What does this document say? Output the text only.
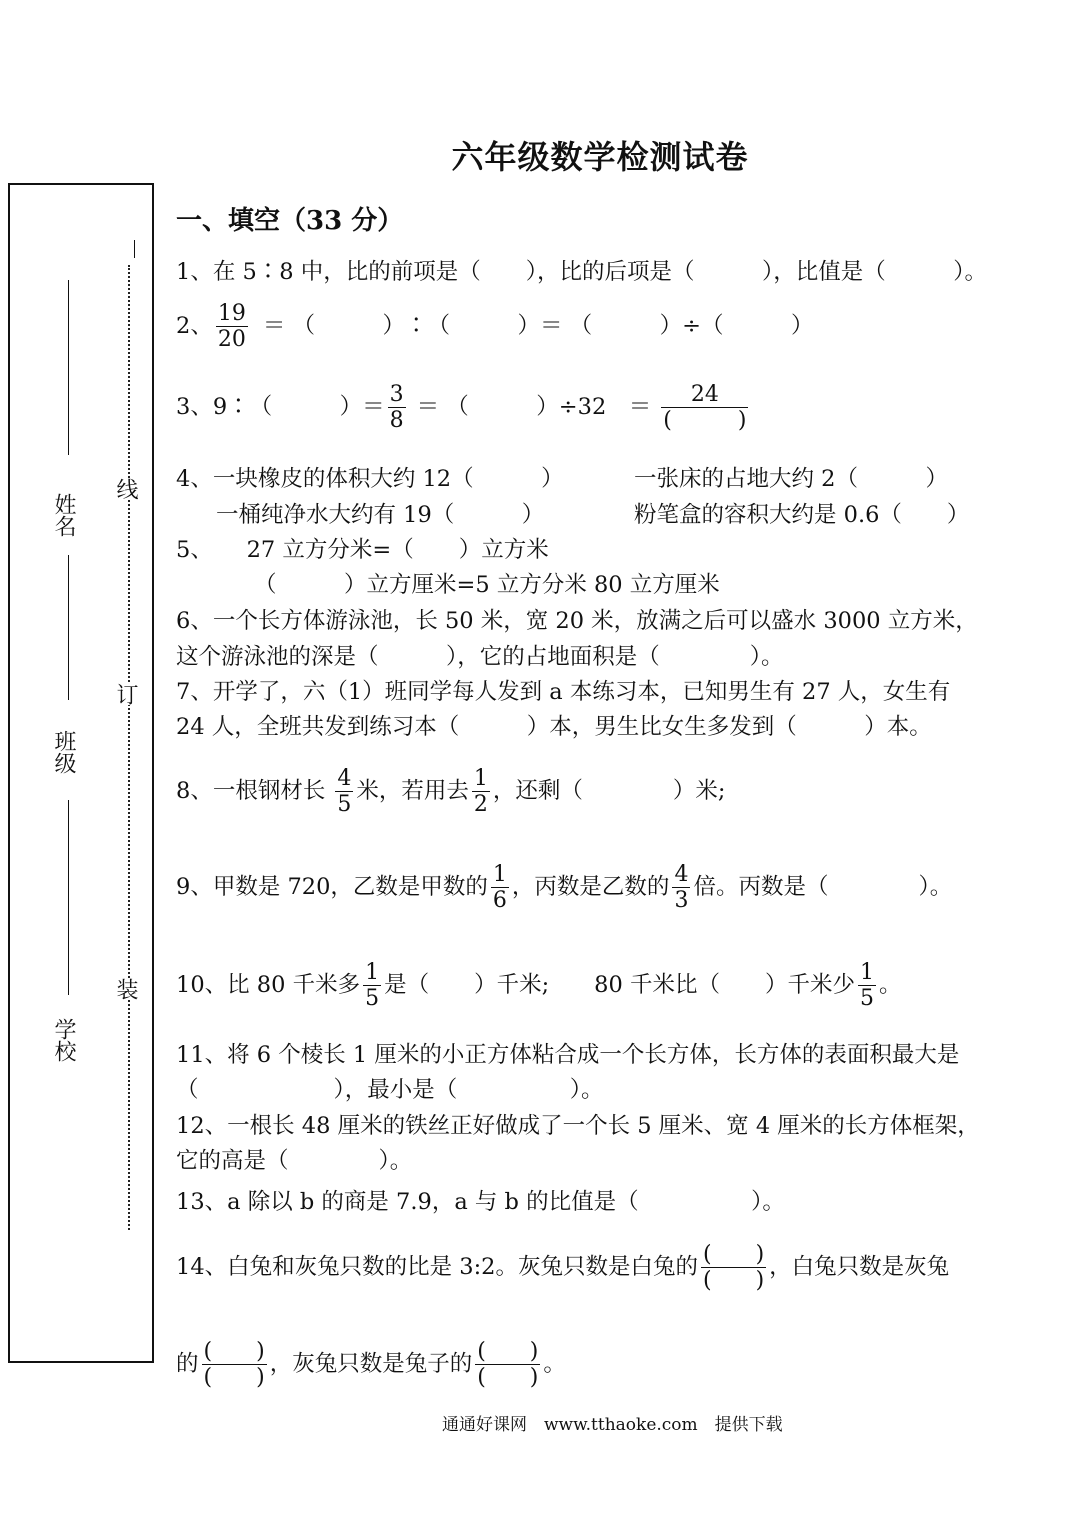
六年级数学检测试卷
姓名
班级
学校
线
订
装
一、填空（33 分）
1、在 5∶8 中，比的前项是（　　），比的后项是（　　　），比值是（　　　）。
2、 $\frac{19}{20}$ ＝ （　　　）∶（　　　）＝ （　　　）÷（　　　）
3、9∶（　　　）＝ $\frac{3}{8}$ ＝ （　　　）÷32　＝ $\frac{24}{( )}$
4、一块橡皮的体积大约 12（　　　）	一张床的占地大约 2（　　　）
一桶纯净水大约有 19（　　　）	粉笔盒的容积大约是 0.6（　　）
5、　　27 立方分米=（　　）立方米
（　　　）立方厘米=5 立方分米 80 立方厘米
6、一个长方体游泳池，长 50 米，宽 20 米，放满之后可以盛水 3000 立方米，
这个游泳池的深是（　　　），它的占地面积是（　　　　）。
7、开学了，六（1）班同学每人发到 a 本练习本，已知男生有 27 人，女生有
24 人，全班共发到练习本（　　　）本，男生比女生多发到（　　　）本。
8、一根钢材长 $\frac{4}{5}$ 米，若用去 $\frac{1}{2}$ ，还剩（　　　　）米;
9、甲数是 720，乙数是甲数的 $\frac{1}{6}$ ，丙数是乙数的 $\frac{4}{3}$ 倍。丙数是（　　　　）。
10、比 80 千米多 $\frac{1}{5}$ 是（　　）千米;　　80 千米比（　　）千米少 $\frac{1}{5}$ 。
11、将 6 个棱长 1 厘米的小正方体粘合成一个长方体，长方体的表面积最大是
（　　　　　　），最小是（　　　　　）。
12、一根长 48 厘米的铁丝正好做成了一个长 5 厘米、宽 4 厘米的长方体框架，
它的高是（　　　　）。
13、a 除以 b 的商是 7.9，a 与 b 的比值是（　　　　　）。
14、白兔和灰兔只数的比是 3:2。灰兔只数是白兔的 $\frac{( )}{( )}$ ，白兔只数是灰兔
的 $\frac{( )}{( )}$ ，灰兔只数是兔子的 $\frac{( )}{( )}$ 。
通通好课网　www.tthaoke.com　提供下载
